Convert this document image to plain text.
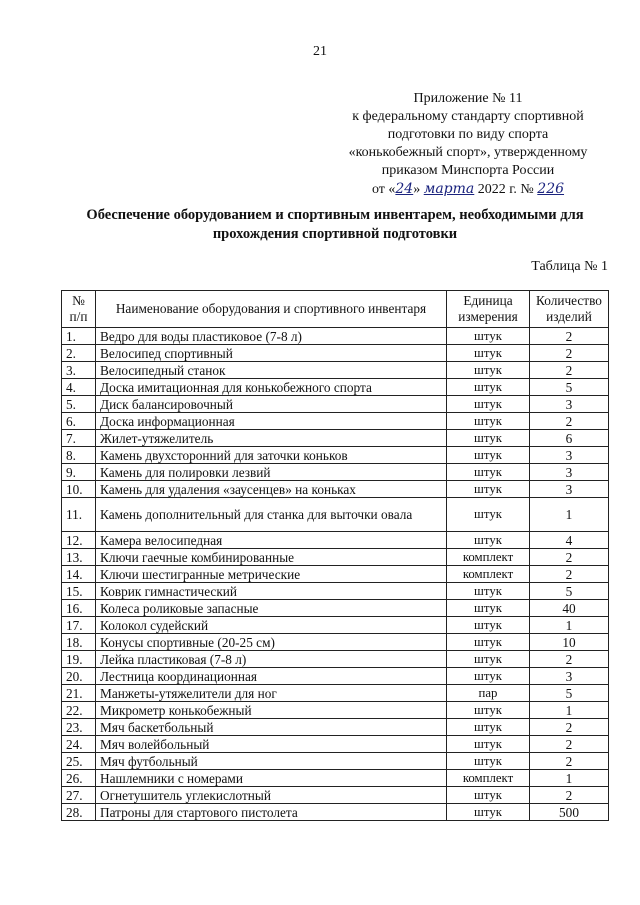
21
Приложение № 11
к федеральному стандарту спортивной
подготовки по виду спорта
«конькобежный спорт», утвержденному
приказом Минспорта России
от «24» марта 2022 г. № 226
Обеспечение оборудованием и спортивным инвентарем, необходимыми для прохождения спортивной подготовки
Таблица № 1
№ п/п	Наименование оборудования и спортивного инвентаря	Единица измерения	Количество изделий
1.	Ведро для воды пластиковое (7-8 л)	штук	2
2.	Велосипед спортивный	штук	2
3.	Велосипедный станок	штук	2
4.	Доска имитационная для конькобежного спорта	штук	5
5.	Диск балансировочный	штук	3
6.	Доска информационная	штук	2
7.	Жилет-утяжелитель	штук	6
8.	Камень двухсторонний для заточки коньков	штук	3
9.	Камень для полировки лезвий	штук	3
10.	Камень для удаления «заусенцев» на коньках	штук	3
11.	Камень дополнительный для станка для выточки овала	штук	1
12.	Камера велосипедная	штук	4
13.	Ключи гаечные комбинированные	комплект	2
14.	Ключи шестигранные метрические	комплект	2
15.	Коврик гимнастический	штук	5
16.	Колеса роликовые запасные	штук	40
17.	Колокол судейский	штук	1
18.	Конусы спортивные (20-25 см)	штук	10
19.	Лейка пластиковая (7-8 л)	штук	2
20.	Лестница координационная	штук	3
21.	Манжеты-утяжелители для ног	пар	5
22.	Микрометр конькобежный	штук	1
23.	Мяч баскетбольный	штук	2
24.	Мяч волейбольный	штук	2
25.	Мяч футбольный	штук	2
26.	Нашлемники с номерами	комплект	1
27.	Огнетушитель углекислотный	штук	2
28.	Патроны для стартового пистолета	штук	500
